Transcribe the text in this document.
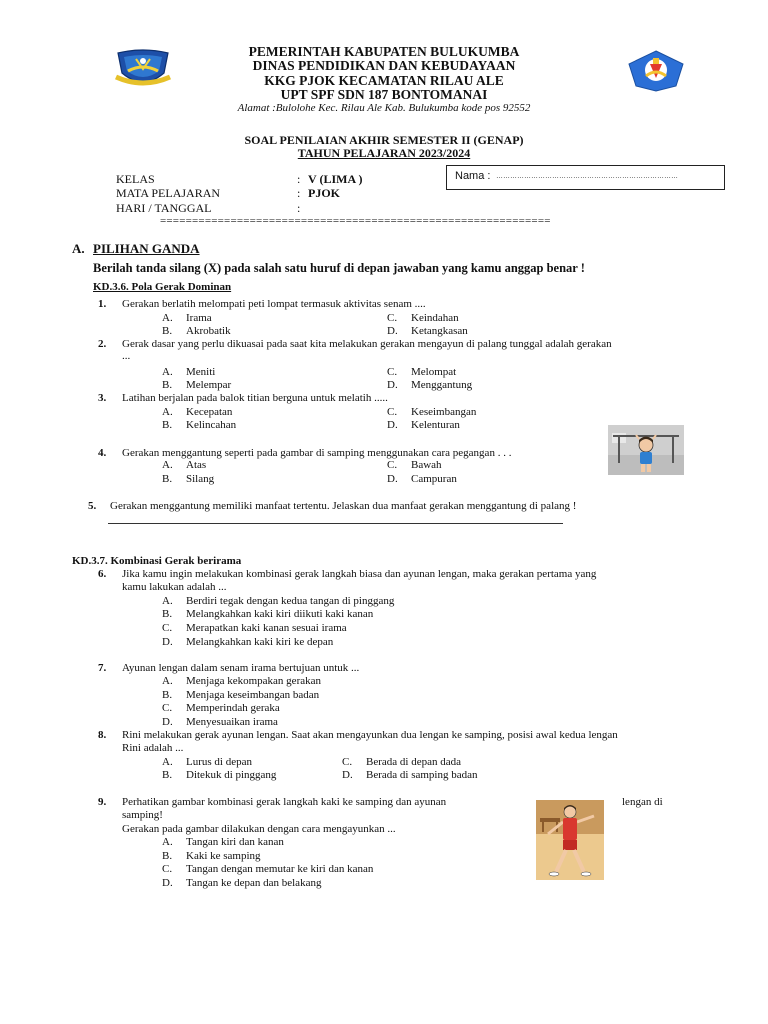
PEMERINTAH KABUPATEN BULUKUMBA
DINAS PENDIDIKAN DAN KEBUDAYAAN
KKG PJOK KECAMATAN RILAU ALE
UPT SPF SDN 187 BONTOMANAI
Alamat :Bulolohe Kec. Rilau Ale Kab. Bulukumba kode pos 92552
SOAL PENILAIAN AKHIR SEMESTER II (GENAP)
TAHUN PELAJARAN 2023/2024
KELAS	: V (LIMA )
MATA PELAJARAN	: PJOK
HARI / TANGGAL	:
=============================================================
Nama : ……………………………………………………………………
A. PILIHAN GANDA
Berilah tanda silang (X) pada salah satu huruf di depan jawaban yang kamu anggap benar !
KD.3.6. Pola Gerak Dominan
1. Gerakan berlatih melompati peti lompat termasuk aktivitas senam ....
A. Irama
B. Akrobatik
C. Keindahan
D. Ketangkasan
2. Gerak dasar yang perlu dikuasai pada saat kita melakukan gerakan mengayun di palang tunggal adalah gerakan
...
A. Meniti
B. Melempar
C. Melompat
D. Menggantung
3. Latihan berjalan pada balok titian berguna untuk melatih .....
A. Kecepatan
B. Kelincahan
C. Keseimbangan
D. Kelenturan
4. Gerakan menggantung seperti pada gambar di samping menggunakan cara pegangan . . .
A. Atas
B. Silang
C. Bawah
D. Campuran
5. Gerakan menggantung memiliki manfaat tertentu. Jelaskan dua manfaat gerakan menggantung di palang !
KD.3.7. Kombinasi Gerak berirama
6. Jika kamu ingin melakukan kombinasi gerak langkah biasa dan ayunan lengan, maka gerakan pertama yang
kamu lakukan adalah ...
A. Berdiri tegak dengan kedua tangan di pinggang
B. Melangkahkan kaki kiri diikuti kaki kanan
C. Merapatkan kaki kanan sesuai irama
D. Melangkahkan kaki kiri ke depan
7. Ayunan lengan dalam senam irama bertujuan untuk ...
A. Menjaga kekompakan gerakan
B. Menjaga keseimbangan badan
C. Memperindah geraka
D. Menyesuaikan irama
8. Rini melakukan gerak ayunan lengan. Saat akan mengayunkan dua lengan ke samping, posisi awal kedua lengan
Rini adalah ...
A. Lurus di depan
B. Ditekuk di pinggang
C. Berada di depan dada
D. Berada di samping badan
9. Perhatikan gambar kombinasi gerak langkah kaki ke samping dan ayunan	lengan di
samping!
Gerakan pada gambar dilakukan dengan cara mengayunkan ...
A. Tangan kiri dan kanan
B. Kaki ke samping
C. Tangan dengan memutar ke kiri dan kanan
D. Tangan ke depan dan belakang
